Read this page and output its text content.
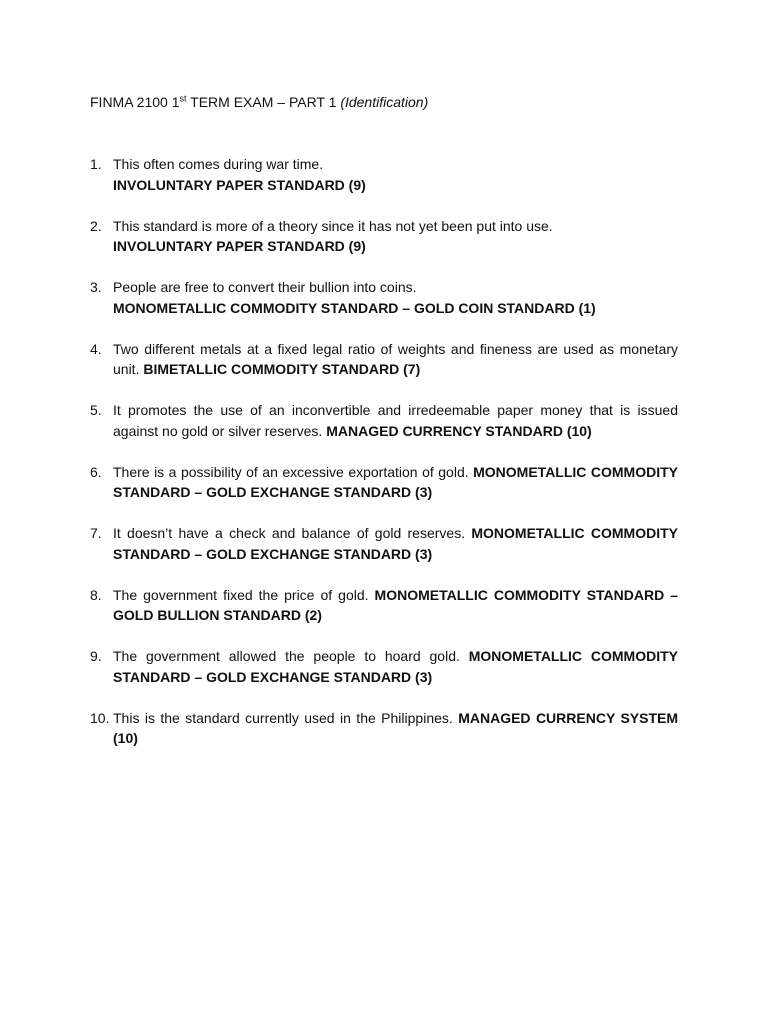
FINMA 2100 1st TERM EXAM – PART 1 (Identification)
1. This often comes during war time.
INVOLUNTARY PAPER STANDARD (9)
2. This standard is more of a theory since it has not yet been put into use.
INVOLUNTARY PAPER STANDARD (9)
3. People are free to convert their bullion into coins.
MONOMETALLIC COMMODITY STANDARD – GOLD COIN STANDARD (1)
4. Two different metals at a fixed legal ratio of weights and fineness are used as monetary unit. BIMETALLIC COMMODITY STANDARD (7)
5. It promotes the use of an inconvertible and irredeemable paper money that is issued against no gold or silver reserves. MANAGED CURRENCY STANDARD (10)
6. There is a possibility of an excessive exportation of gold. MONOMETALLIC COMMODITY STANDARD – GOLD EXCHANGE STANDARD (3)
7. It doesn’t have a check and balance of gold reserves. MONOMETALLIC COMMODITY STANDARD – GOLD EXCHANGE STANDARD (3)
8. The government fixed the price of gold. MONOMETALLIC COMMODITY STANDARD – GOLD BULLION STANDARD (2)
9. The government allowed the people to hoard gold. MONOMETALLIC COMMODITY STANDARD – GOLD EXCHANGE STANDARD (3)
10. This is the standard currently used in the Philippines. MANAGED CURRENCY SYSTEM (10)
